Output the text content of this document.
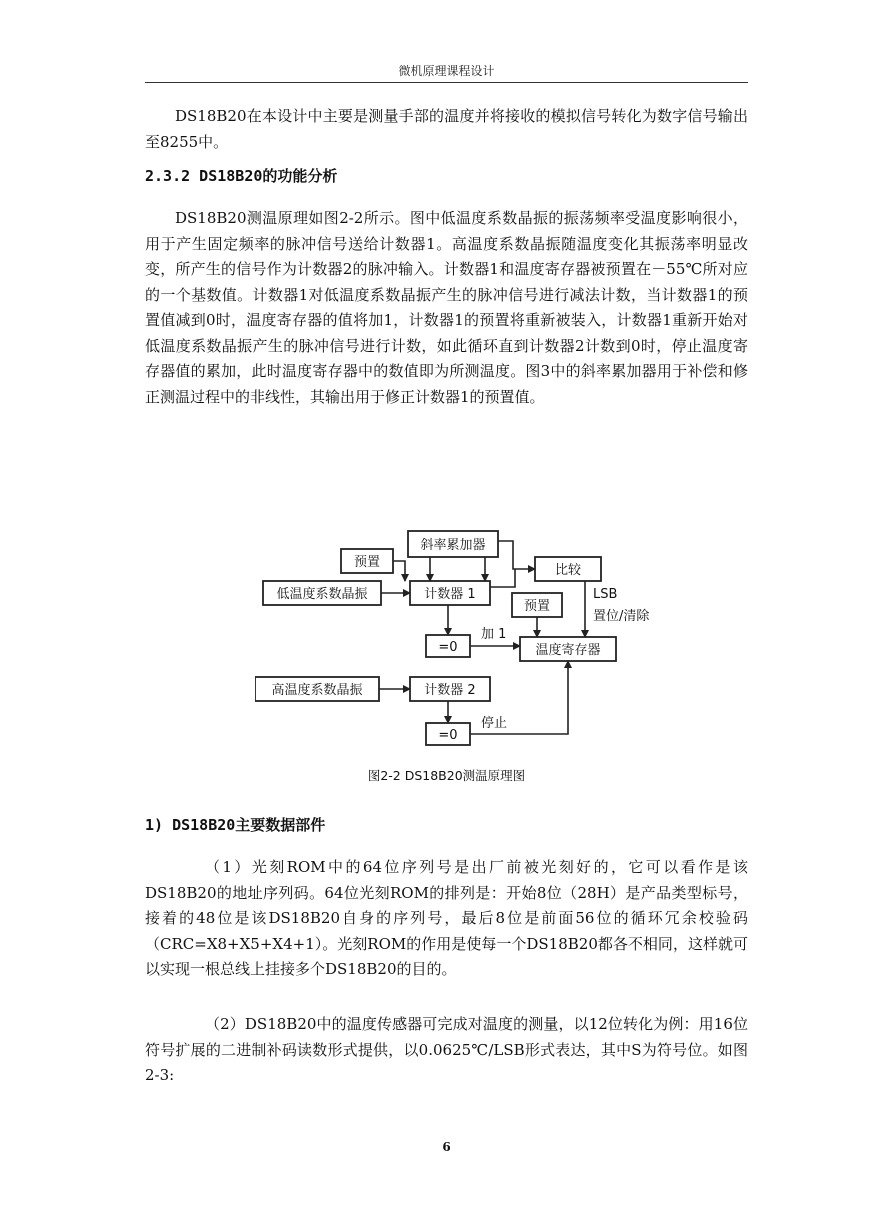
微机原理课程设计

DS18B20在本设计中主要是测量手部的温度并将接收的模拟信号转化为数字信号输出至8255中。

2.3.2 DS18B20的功能分析

DS18B20测温原理如图2-2所示。图中低温度系数晶振的振荡频率受温度影响很小，用于产生固定频率的脉冲信号送给计数器1。高温度系数晶振随温度变化其振荡率明显改变，所产生的信号作为计数器2的脉冲输入。计数器1和温度寄存器被预置在－55℃所对应的一个基数值。计数器1对低温度系数晶振产生的脉冲信号进行减法计数，当计数器1的预置值减到0时，温度寄存器的值将加1，计数器1的预置将重新被装入，计数器1重新开始对低温度系数晶振产生的脉冲信号进行计数，如此循环直到计数器2计数到0时，停止温度寄存器值的累加，此时温度寄存器中的数值即为所测温度。图3中的斜率累加器用于补偿和修正测温过程中的非线性，其输出用于修正计数器1的预置值。

斜率累加器
预置
低温度系数晶振	计数器 1
比较
预置
LSB
置位/清除
=0
加 1
温度寄存器
高温度系数晶振	计数器 2
=0
停止
图2-2 DS18B20测温原理图
1) DS18B20主要数据部件

（1）光刻ROM中的64位序列号是出厂前被光刻好的，它可以看作是该DS18B20的地址序列码。64位光刻ROM的排列是：开始8位（28H）是产品类型标号，接着的48位是该DS18B20自身的序列号，最后8位是前面56位的循环冗余校验码（CRC=X8+X5+X4+1）。光刻ROM的作用是使每一个DS18B20都各不相同，这样就可以实现一根总线上挂接多个DS18B20的目的。

（2）DS18B20中的温度传感器可完成对温度的测量，以12位转化为例：用16位符号扩展的二进制补码读数形式提供，以0.0625℃/LSB形式表达，其中S为符号位。如图2-3:

6
